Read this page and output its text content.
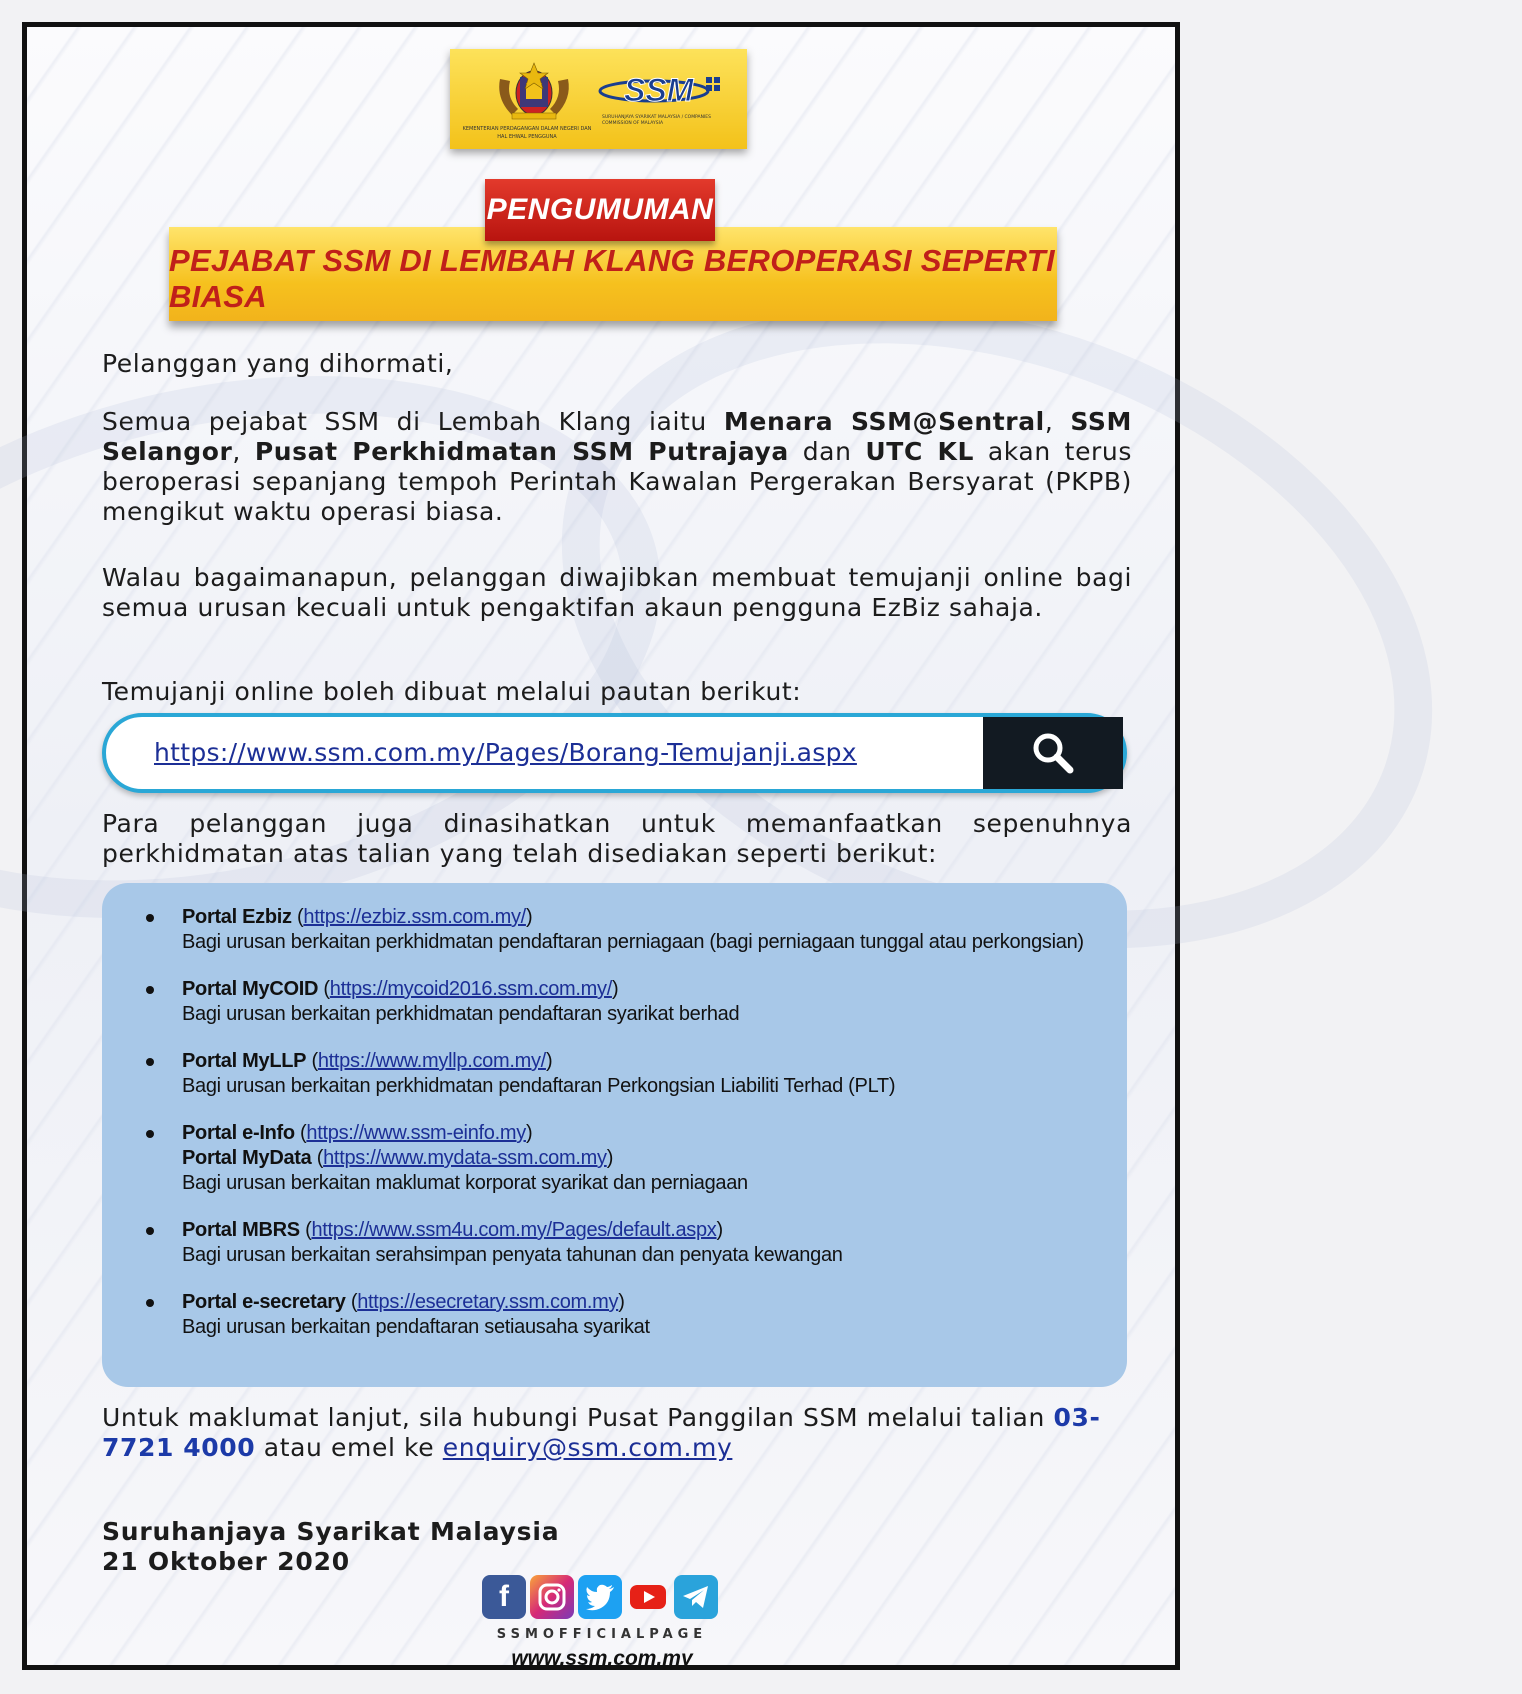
KEMENTERIAN PERDAGANGAN DALAM NEGERI DAN HAL EHWAL PENGGUNA
SSM
SURUHANJAYA SYARIKAT MALAYSIA / COMPANIES COMMISSION OF MALAYSIA
PENGUMUMAN
PEJABAT SSM DI LEMBAH KLANG BEROPERASI SEPERTI BIASA
Pelanggan yang dihormati,
Semua pejabat SSM di Lembah Klang iaitu Menara SSM@Sentral, SSM Selangor, Pusat Perkhidmatan SSM Putrajaya dan UTC KL akan terus beroperasi sepanjang tempoh Perintah Kawalan Pergerakan Bersyarat (PKPB) mengikut waktu operasi biasa.
Walau bagaimanapun, pelanggan diwajibkan membuat temujanji online bagi semua urusan kecuali untuk pengaktifan akaun pengguna EzBiz sahaja.
Temujanji online boleh dibuat melalui pautan berikut:
https://www.ssm.com.my/Pages/Borang-Temujanji.aspx
Para pelanggan juga dinasihatkan untuk memanfaatkan sepenuhnya perkhidmatan atas talian yang telah disediakan seperti berikut:
Portal Ezbiz (https://ezbiz.ssm.com.my/)
Bagi urusan berkaitan perkhidmatan pendaftaran perniagaan (bagi perniagaan tunggal atau perkongsian)
Portal MyCOID (https://mycoid2016.ssm.com.my/)
Bagi urusan berkaitan perkhidmatan pendaftaran syarikat berhad
Portal MyLLP (https://www.myllp.com.my/)
Bagi urusan berkaitan perkhidmatan pendaftaran Perkongsian Liabiliti Terhad (PLT)
Portal e-Info (https://www.ssm-einfo.my)
Portal MyData (https://www.mydata-ssm.com.my)
Bagi urusan berkaitan maklumat korporat syarikat dan perniagaan
Portal MBRS (https://www.ssm4u.com.my/Pages/default.aspx)
Bagi urusan berkaitan serahsimpan penyata tahunan dan penyata kewangan
Portal e-secretary (https://esecretary.ssm.com.my)
Bagi urusan berkaitan pendaftaran setiausaha syarikat
Untuk maklumat lanjut, sila hubungi Pusat Panggilan SSM melalui talian 03-7721 4000 atau emel ke enquiry@ssm.com.my
Suruhanjaya Syarikat Malaysia
21 Oktober 2020
f
SSMOFFICIALPAGE
www.ssm.com.my
